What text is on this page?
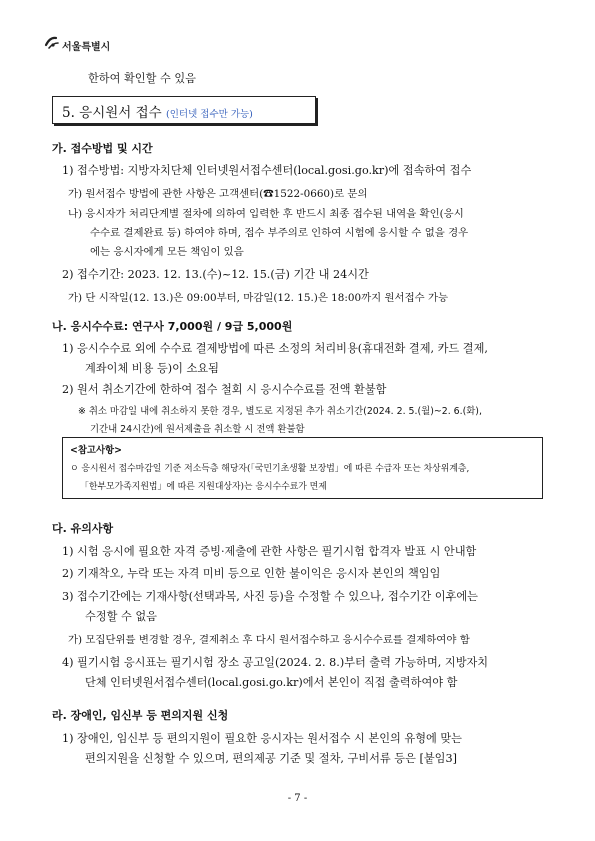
서울특별시
한하여 확인할 수 있음
5. 응시원서 접수 (인터넷 접수만 가능)
가. 접수방법 및 시간
1) 접수방법: 지방자치단체 인터넷원서접수센터(local.gosi.go.kr)에 접속하여 접수
가) 원서접수 방법에 관한 사항은 고객센터(☎1522-0660)로 문의
나) 응시자가 처리단계별 절차에 의하여 입력한 후 반드시 최종 접수된 내역을 확인(응시
수수료 결제완료 등) 하여야 하며, 접수 부주의로 인하여 시험에 응시할 수 없을 경우
에는 응시자에게 모든 책임이 있음
2) 접수기간: 2023. 12. 13.(수)~12. 15.(금) 기간 내 24시간
가) 단 시작일(12. 13.)은 09:00부터, 마감일(12. 15.)은 18:00까지 원서접수 가능
나. 응시수수료: 연구사 7,000원 / 9급 5,000원
1) 응시수수료 외에 수수료 결제방법에 따른 소정의 처리비용(휴대전화 결제, 카드 결제,
계좌이체 비용 등)이 소요됨
2) 원서 취소기간에 한하여 접수 철회 시 응시수수료를 전액 환불함
※ 취소 마감일 내에 취소하지 못한 경우, 별도로 지정된 추가 취소기간(2024. 2. 5.(월)~2. 6.(화),
기간내 24시간)에 원서제출을 취소할 시 전액 환불함
<참고사항>
ㅇ 응시원서 접수마감일 기준 저소득층 해당자(「국민기초생활 보장법」에 따른 수급자 또는 차상위계층,
「한부모가족지원법」에 따른 지원대상자)는 응시수수료가 면제
다. 유의사항
1) 시험 응시에 필요한 자격 증빙·제출에 관한 사항은 필기시험 합격자 발표 시 안내함
2) 기재착오, 누락 또는 자격 미비 등으로 인한 불이익은 응시자 본인의 책임임
3) 접수기간에는 기재사항(선택과목, 사진 등)을 수정할 수 있으나, 접수기간 이후에는
수정할 수 없음
가) 모집단위를 변경할 경우, 결제취소 후 다시 원서접수하고 응시수수료를 결제하여야 함
4) 필기시험 응시표는 필기시험 장소 공고일(2024. 2. 8.)부터 출력 가능하며, 지방자치
단체 인터넷원서접수센터(local.gosi.go.kr)에서 본인이 직접 출력하여야 함
라. 장애인, 임신부 등 편의지원 신청
1) 장애인, 임신부 등 편의지원이 필요한 응시자는 원서접수 시 본인의 유형에 맞는
편의지원을 신청할 수 있으며, 편의제공 기준 및 절차, 구비서류 등은 [붙임3]
- 7 -
